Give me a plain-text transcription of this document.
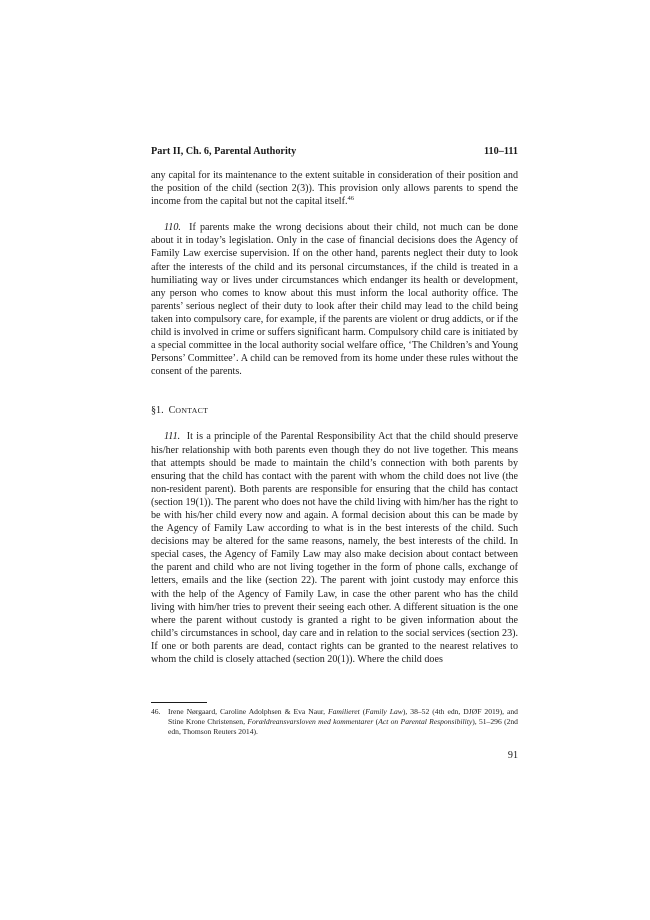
Part II, Ch. 6, Parental Authority	110–111

any capital for its maintenance to the extent suitable in consideration of their position and the position of the child (section 2(3)). This provision only allows parents to spend the income from the capital but not the capital itself.$^{46}$

110. If parents make the wrong decisions about their child, not much can be done about it in today’s legislation. Only in the case of financial decisions does the Agency of Family Law exercise supervision. If on the other hand, parents neglect their duty to look after the interests of the child and its personal circumstances, if the child is treated in a humiliating way or lives under circumstances which endanger its health or development, any person who comes to know about this must inform the local authority office. The parents’ serious neglect of their duty to look after their child may lead to the child being taken into compulsory care, for example, if the parents are violent or drug addicts, or if the child is involved in crime or suffers significant harm. Compulsory child care is initiated by a special committee in the local authority social welfare office, ‘The Children’s and Young Persons’ Committee’. A child can be removed from its home under these rules without the consent of the parents.

§1. CONTACT

111. It is a principle of the Parental Responsibility Act that the child should preserve his/her relationship with both parents even though they do not live together. This means that attempts should be made to maintain the child’s connection with both parents by ensuring that the child has contact with the parent with whom the child does not live (the non-resident parent). Both parents are responsible for ensuring that the child has contact (section 19(1)). The parent who does not have the child living with him/her has the right to be with his/her child every now and again. A formal decision about this can be made by the Agency of Family Law according to what is in the best interests of the child. Such decisions may be altered for the same reasons, namely, the best interests of the child. In special cases, the Agency of Family Law may also make decision about contact between the parent and child who are not living together in the form of phone calls, exchange of letters, emails and the like (section 22). The parent with joint custody may enforce this with the help of the Agency of Family Law, in case the other parent who has the child living with him/her tries to prevent their seeing each other. A different situation is the one where the parent without custody is granted a right to be given information about the child’s circumstances in school, day care and in relation to the social services (section 23). If one or both parents are dead, contact rights can be granted to the nearest relatives to whom the child is closely attached (section 20(1)). Where the child does

46. Irene Nørgaard, Caroline Adolphsen & Eva Naur, Familieret (Family Law), 38–52 (4th edn, DJØF 2019), and Stine Krone Christensen, Forældreansvarsloven med kommentarer (Act on Parental Responsibility), 51–296 (2nd edn, Thomson Reuters 2014).
91
